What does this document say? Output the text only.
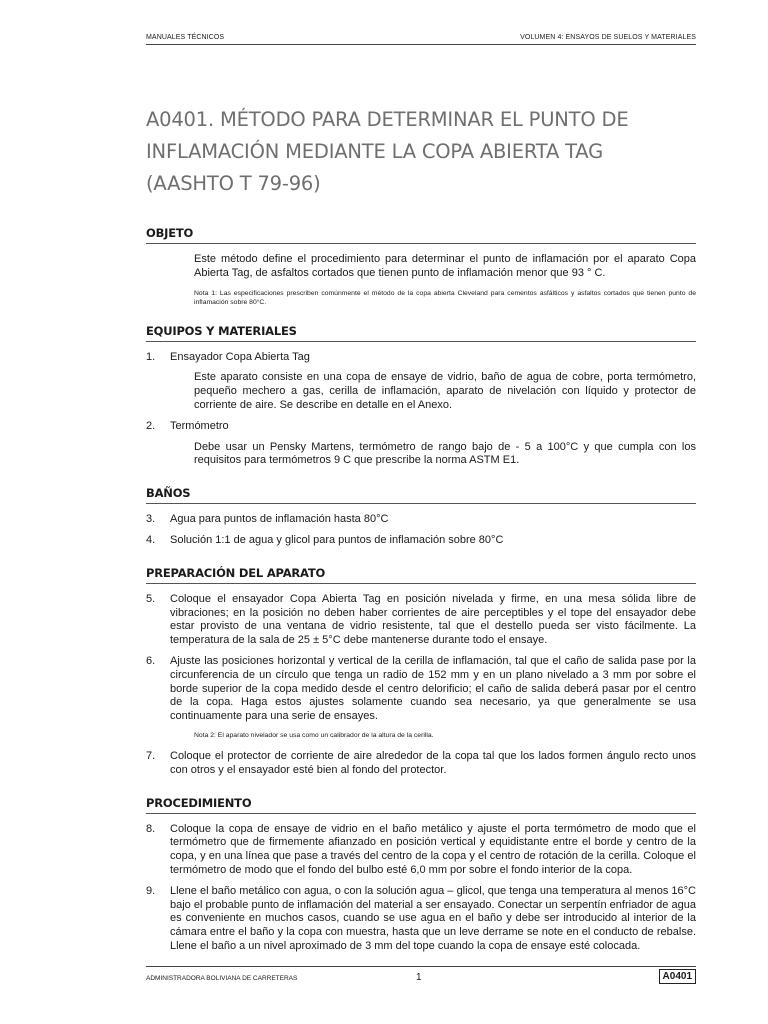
MANUALES TÉCNICOS	VOLUMEN 4: ENSAYOS DE SUELOS Y MATERIALES
A0401. MÉTODO PARA DETERMINAR EL PUNTO DE INFLAMACIÓN MEDIANTE LA COPA ABIERTA TAG (AASHTO T 79-96)
OBJETO

Este método define el procedimiento para determinar el punto de inflamación por el aparato Copa Abierta Tag, de asfaltos cortados que tienen punto de inflamación menor que 93 ° C.

Nota 1: Las especificaciones prescriben comúnmente el método de la copa abierta Cleveland para cementos asfálticos y asfaltos cortados que tienen punto de inflamación sobre 80°C.

EQUIPOS Y MATERIALES
1. Ensayador Copa Abierta Tag

Este aparato consiste en una copa de ensaye de vidrio, baño de agua de cobre, porta termómetro, pequeño mechero a gas, cerilla de inflamación, aparato de nivelación con líquido y protector de corriente de aire. Se describe en detalle en el Anexo.

2. Termómetro

Debe usar un Pensky Martens, termómetro de rango bajo de - 5 a 100°C y que cumpla con los requisitos para termómetros 9 C que prescribe la norma ASTM E1.

BAÑOS
3. Agua para puntos de inflamación hasta 80°C

4. Solución 1:1 de agua y glicol para puntos de inflamación sobre 80°C

PREPARACIÓN DEL APARATO
5. Coloque el ensayador Copa Abierta Tag en posición nivelada y firme, en una mesa sólida libre de vibraciones; en la posición no deben haber corrientes de aire perceptibles y el tope del ensayador debe estar provisto de una ventana de vidrio resistente, tal que el destello pueda ser visto fácilmente. La temperatura de la sala de 25 ± 5°C debe mantenerse durante todo el ensaye.

6. Ajuste las posiciones horizontal y vertical de la cerilla de inflamación, tal que el caño de salida pase por la circunferencia de un círculo que tenga un radio de 152 mm y en un plano nivelado a 3 mm por sobre el borde superior de la copa medido desde el centro delorificio; el caño de salida deberá pasar por el centro de la copa. Haga estos ajustes solamente cuando sea necesario, ya que generalmente se usa continuamente para una serie de ensayes.

Nota 2: El aparato nivelador se usa como un calibrador de la altura de la cerilla.

7. Coloque el protector de corriente de aire alrededor de la copa tal que los lados formen ángulo recto unos con otros y el ensayador esté bien al fondo del protector.

PROCEDIMIENTO
8. Coloque la copa de ensaye de vidrio en el baño metálico y ajuste el porta termómetro de modo que el termómetro que de firmemente afianzado en posición vertical y equidistante entre el borde y centro de la copa, y en una línea que pase a través del centro de la copa y el centro de rotación de la cerilla. Coloque el termómetro de modo que el fondo del bulbo esté 6,0 mm por sobre el fondo interior de la copa.

9. Llene el baño metálico con agua, o con la solución agua – glicol, que tenga una temperatura al menos 16°C bajo el probable punto de inflamación del material a ser ensayado. Conectar un serpentín enfriador de agua es conveniente en muchos casos, cuando se use agua en el baño y debe ser introducido al interior de la cámara entre el baño y la copa con muestra, hasta que un leve derrame se note en el conducto de rebalse. Llene el baño a un nivel aproximado de 3 mm del tope cuando la copa de ensaye esté colocada.

ADMINISTRADORA BOLIVIANA DE CARRETERAS	1	A0401
